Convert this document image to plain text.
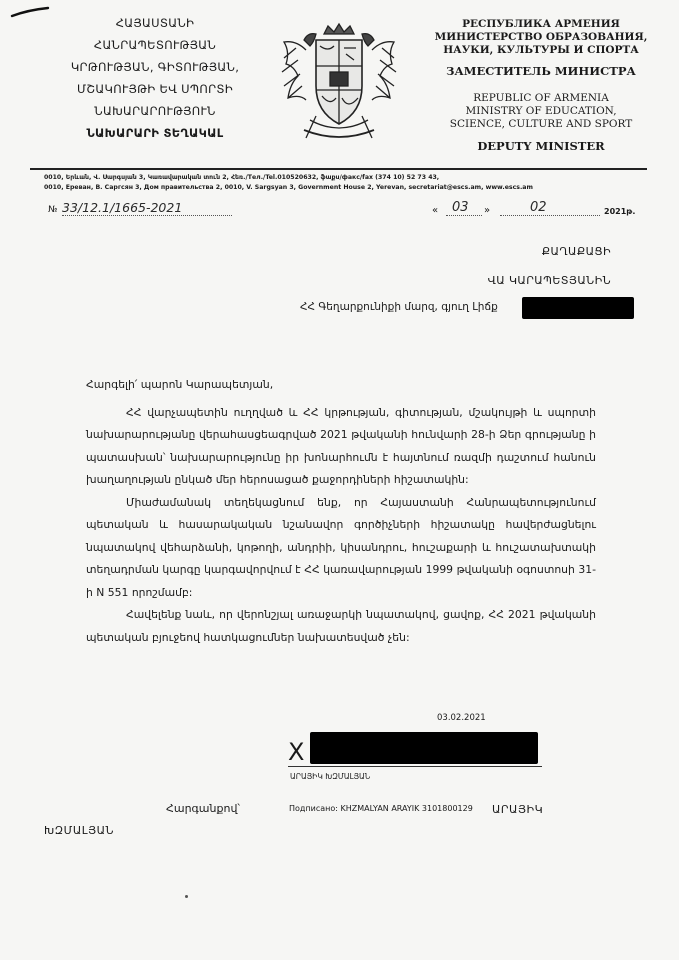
ՀԱՅԱՍՏԱՆԻ
ՀԱՆՐԱՊԵՏՈՒԹՅԱՆ
ԿՐԹՈՒԹՅԱՆ, ԳԻՏՈՒԹՅԱՆ,
ՄՇԱԿՈՒՅԹԻ ԵՎ ՍՊՈՐՏԻ
ՆԱԽԱՐԱՐՈՒԹՅՈՒՆ
ՆԱԽԱՐԱՐԻ ՏԵՂԱԿԱԼ
РЕСПУБЛИКА АРМЕНИЯ
МИНИСТЕРСТВО ОБРАЗОВАНИЯ,
НАУКИ, КУЛЬТУРЫ И СПОРТА
ЗАМЕСТИТЕЛЬ МИНИСТРА
REPUBLIC OF ARMENIA
MINISTRY OF EDUCATION,
SCIENCE, CULTURE AND SPORT
DEPUTY MINISTER
0010, Երևան, Վ. Սարգսյան 3, Կառավարական տուն 2, Հեռ./Тел./Tel.010520632, ֆաքս/факс/fax (374 10) 52 73 43,
0010, Ереван, В. Саргсян 3, Дом правительства 2, 0010, V. Sargsyan 3, Government House 2, Yerevan, secretariat@escs.am, www.escs.am
№ 33/12.1/1665-2021	« 03 »	02	2021թ.
ՔԱՂԱՔԱՑԻ
ՎԱ ԿԱՐԱՊԵՏՅԱՆԻՆ
ՀՀ Գեղարքունիքի մարզ, գյուղ Լիճք

Հարգելի՛ պարոն Կարապետյան,

ՀՀ վարչապետին ուղղված և ՀՀ կրթության, գիտության, մշակույթի և սպորտի նախարարությանը վերահասցեագրված 2021 թվականի հունվարի 28-ի Ձեր գրությանը ի պատասխան՝ նախարարությունը իր խոնարհումն է հայտնում ռազմի դաշտում հանուն խաղաղության ընկած մեր հերոսացած քաջորդիների հիշատակին:

Միաժամանակ տեղեկացնում ենք, որ Հայաստանի Հանրապետությունում պետական և հասարակական նշանավոր գործիչների հիշատակը հավերժացնելու նպատակով վեհարձանի, կոթողի, անդրիի, կիսանդրու, հուշաքարի և հուշատախտակի տեղադրման կարգը կարգավորվում է ՀՀ կառավարության 1999 թվականի օգոստոսի 31-ի N 551 որոշմամբ:

Հավելենք նաև, որ վերոնշյալ առաջարկի նպատակով, ցավոք, ՀՀ 2021 թվականի պետական բյուջեով հատկացումներ նախատեսված չեն:

03.02.2021
X
ԱՐԱՅԻԿ ԽԶՄԱԼՅԱՆ
Հարգանքով՝	Подписано: KHZMALYAN ARAYIK 3101800129 ԱՐԱՅԻԿ
ԽԶՄԱԼՅԱՆ
